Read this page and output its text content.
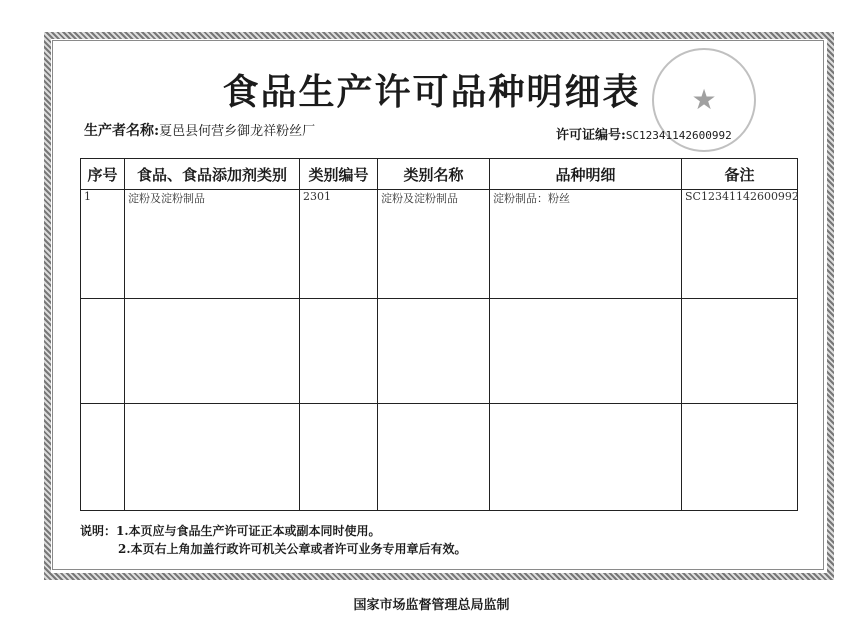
★
食品生产许可品种明细表
生产者名称:夏邑县何营乡御龙祥粉丝厂	许可证编号:SC12341142600992
序号	食品、食品添加剂类别	类别编号	类别名称	品种明细	备注
1	淀粉及淀粉制品	2301	淀粉及淀粉制品	淀粉制品：粉丝	SC12341142600992

说明：1.本页应与食品生产许可证正本或副本同时使用。
2.本页右上角加盖行政许可机关公章或者许可业务专用章后有效。
国家市场监督管理总局监制
